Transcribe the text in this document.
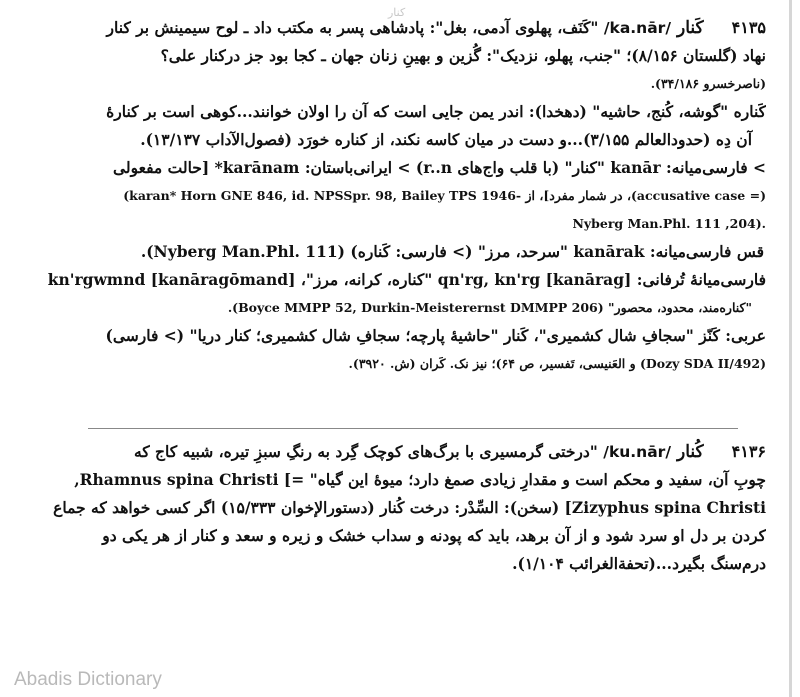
کنار
۴۱۳۵کَنار/ka.nār/ "کَنَف، پهلوی آدمی، بغل": پادشاهی پسر به مکتب داد ـ لوح سیمینش بر کنار
نهاد (گلستان ۸/۱۵۶)؛ "جنب، پهلو، نزدیک": گُزین و بهینِ زنان جهان ـ کجا بود جز درکنار علی؟
(ناصرخسرو ۳۴/۱۸۶).
کَناره "گوشه، کُنج، حاشیه" (دهخدا): اندر یمن جایی است که آن را اولان خوانند...کوهی است بر کنارهٔ
آن دِه (حدودالعالم ۳/۱۵۵)...و دست در میان کاسه نکند، از کناره خورَد (فصول‌الآداب ۱۳/۱۳۷).
> فارسی‌میانه: kanār "کنار" (با قلب واج‌های r..n) > ایرانی‌باستان: karānam* [حالت مفعولی
(= accusative case)، در شمار مفرد]، از -karan* Horn GNE 846, id. NPSSpr. 98, Bailey TPS 1946)
.(204, Nyberg Man.Phl. 111
قس فارسی‌میانه: kanārak "سرحد، مرز" (> فارسی: کَناره) (Nyberg Man.Phl. 111).
فارسی‌میانهٔ تُرفانی: qn'rg, kn'rg [kanārag] "کناره، کرانه، مرز"، kn'rgwmnd [kanāragōmand]
"کناره‌مند، محدود، محصور" (Boyce MMPP 52, Durkin-Meisterernst DMMPP 206).
عربی: کَنّز "سجافِ شال کشمیری"، کَنار "حاشیهٔ پارچه؛ سجافِ شال کشمیری؛ کنار دریا" (> فارسی)
(Dozy SDA II/492) و العَنیسی، تَفسیر، ص ۶۴)؛ نیز نک. کَران (ش. ۳۹۲۰).
۴۱۳۶کُنار/ku.nār/ "درختی گرمسیری با برگ‌های کوچک گِرد به رنگِ سبزِ تیره، شبیه کاج که
چوبِ آن، سفید و محکم است و مقدارِ زیادی صمغ دارد؛ میوهٔ این گیاه" =] Rhamnus spina Christi,
Zizyphus spina Christi] (سخن): السِّدْر: درخت کُنار (دستورالإخوان ۱۵/۳۳۳) اگر کسی خواهد که جماع
کردن بر دل او سرد شود و از آن برهد، باید که پودنه و سداب خشک و زیره و سعد و کنار از هر یکی دو
درم‌سنگ بگیرد...(تحفةالغرائب ۱/۱۰۴).
Abadis Dictionary
